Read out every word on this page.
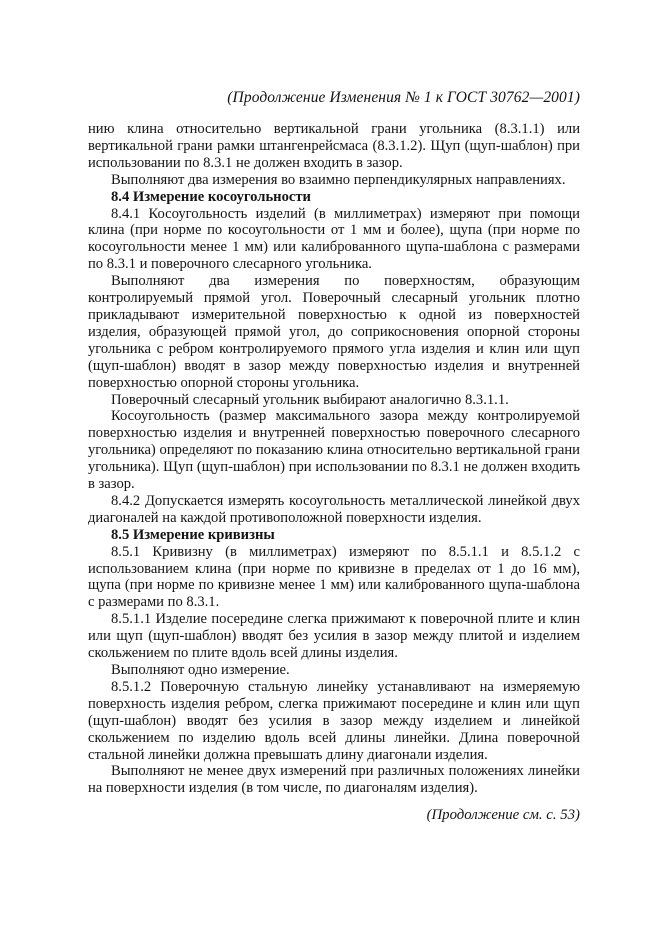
(Продолжение Изменения № 1 к ГОСТ 30762—2001)

нию клина относительно вертикальной грани угольника (8.3.1.1) или вертикальной грани рамки штангенрейсмаса (8.3.1.2). Щуп (щуп-шаблон) при использовании по 8.3.1 не должен входить в зазор.

Выполняют два измерения во взаимно перпендикулярных направлениях.

8.4 Измерение косоугольности

8.4.1 Косоугольность изделий (в миллиметрах) измеряют при помощи клина (при норме по косоугольности от 1 мм и более), щупа (при норме по косоугольности менее 1 мм) или калиброванного щупа-шаблона с размерами по 8.3.1 и поверочного слесарного угольника.

Выполняют два измерения по поверхностям, образующим контролируемый прямой угол. Поверочный слесарный угольник плотно прикладывают измерительной поверхностью к одной из поверхностей изделия, образующей прямой угол, до соприкосновения опорной стороны угольника с ребром контролируемого прямого угла изделия и клин или щуп (щуп-шаблон) вводят в зазор между поверхностью изделия и внутренней поверхностью опорной стороны угольника.

Поверочный слесарный угольник выбирают аналогично 8.3.1.1.

Косоугольность (размер максимального зазора между контролируемой поверхностью изделия и внутренней поверхностью поверочного слесарного угольника) определяют по показанию клина относительно вертикальной грани угольника). Щуп (щуп-шаблон) при использовании по 8.3.1 не должен входить в зазор.

8.4.2 Допускается измерять косоугольность металлической линейкой двух диагоналей на каждой противоположной поверхности изделия.

8.5 Измерение кривизны

8.5.1 Кривизну (в миллиметрах) измеряют по 8.5.1.1 и 8.5.1.2 с использованием клина (при норме по кривизне в пределах от 1 до 16 мм), щупа (при норме по кривизне менее 1 мм) или калиброванного щупа-шаблона с размерами по 8.3.1.

8.5.1.1 Изделие посередине слегка прижимают к поверочной плите и клин или щуп (щуп-шаблон) вводят без усилия в зазор между плитой и изделием скольжением по плите вдоль всей длины изделия.

Выполняют одно измерение.

8.5.1.2 Поверочную стальную линейку устанавливают на измеряемую поверхность изделия ребром, слегка прижимают посередине и клин или щуп (щуп-шаблон) вводят без усилия в зазор между изделием и линейкой скольжением по изделию вдоль всей длины линейки. Длина поверочной стальной линейки должна превышать длину диагонали изделия.

Выполняют не менее двух измерений при различных положениях линейки на поверхности изделия (в том числе, по диагоналям изделия).

(Продолжение см. с. 53)
